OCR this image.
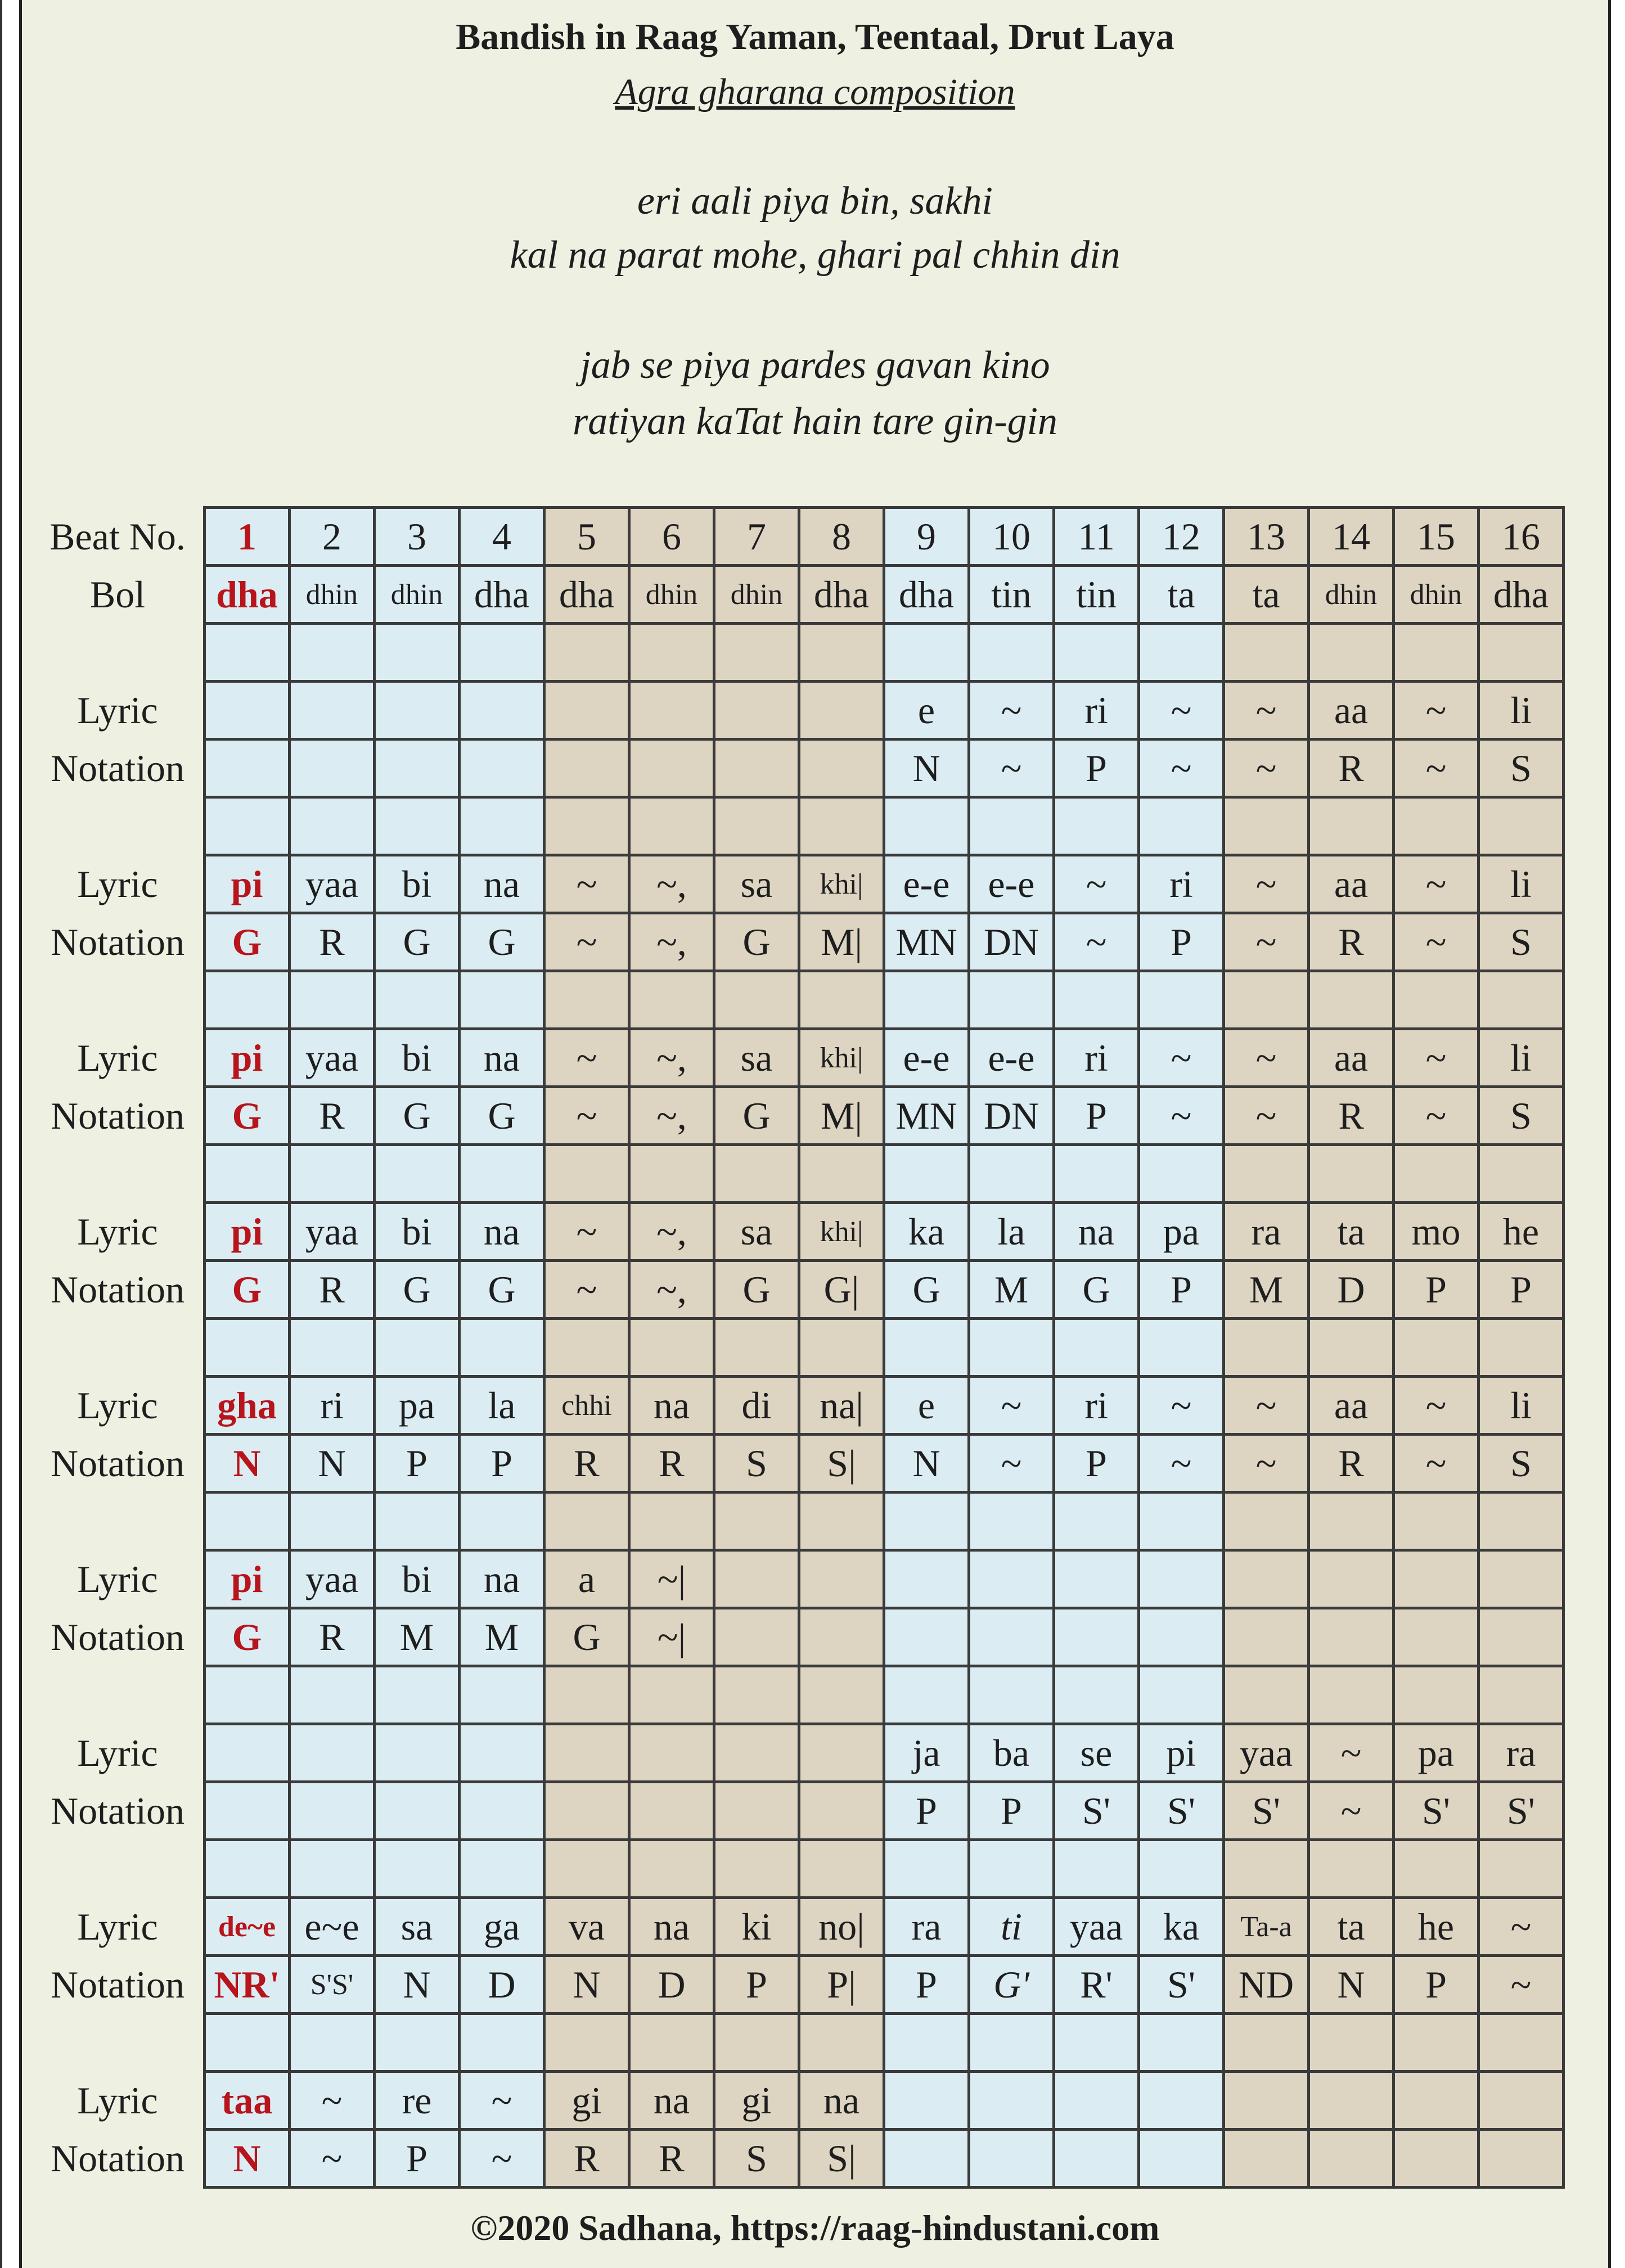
Bandish in Raag Yaman, Teentaal, Drut Laya
Agra gharana composition
eri aali piya bin, sakhi
kal na parat mohe, ghari pal chhin din
jab se piya pardes gavan kino
ratiyan kaTat hain tare gin-gin
Beat No.	1	2	3	4	5	6	7	8	9	10	11	12	13	14	15	16
Bol	dha	dhin	dhin	dha	dha	dhin	dhin	dha	dha	tin	tin	ta	ta	dhin	dhin	dha

Lyric									e	~	ri	~	~	aa	~	li
Notation									N	~	P	~	~	R	~	S

Lyric	pi	yaa	bi	na	~	~,	sa	khi|	e-e	e-e	~	ri	~	aa	~	li
Notation	G	R	G	G	~	~,	G	M|	MN	DN	~	P	~	R	~	S

Lyric	pi	yaa	bi	na	~	~,	sa	khi|	e-e	e-e	ri	~	~	aa	~	li
Notation	G	R	G	G	~	~,	G	M|	MN	DN	P	~	~	R	~	S

Lyric	pi	yaa	bi	na	~	~,	sa	khi|	ka	la	na	pa	ra	ta	mo	he
Notation	G	R	G	G	~	~,	G	G|	G	M	G	P	M	D	P	P

Lyric	gha	ri	pa	la	chhi	na	di	na|	e	~	ri	~	~	aa	~	li
Notation	N	N	P	P	R	R	S	S|	N	~	P	~	~	R	~	S

Lyric	pi	yaa	bi	na	a	~|										
Notation	G	R	M	M	G	~|										

Lyric									ja	ba	se	pi	yaa	~	pa	ra
Notation									P	P	S'	S'	S'	~	S'	S'

Lyric	de~e	e~e	sa	ga	va	na	ki	no|	ra	ti	yaa	ka	Ta-a	ta	he	~
Notation	NR'	S'S'	N	D	N	D	P	P|	P	G'	R'	S'	ND	N	P	~

Lyric	taa	~	re	~	gi	na	gi	na								
Notation	N	~	P	~	R	R	S	S|								
©2020 Sadhana, https://raag-hindustani.com
